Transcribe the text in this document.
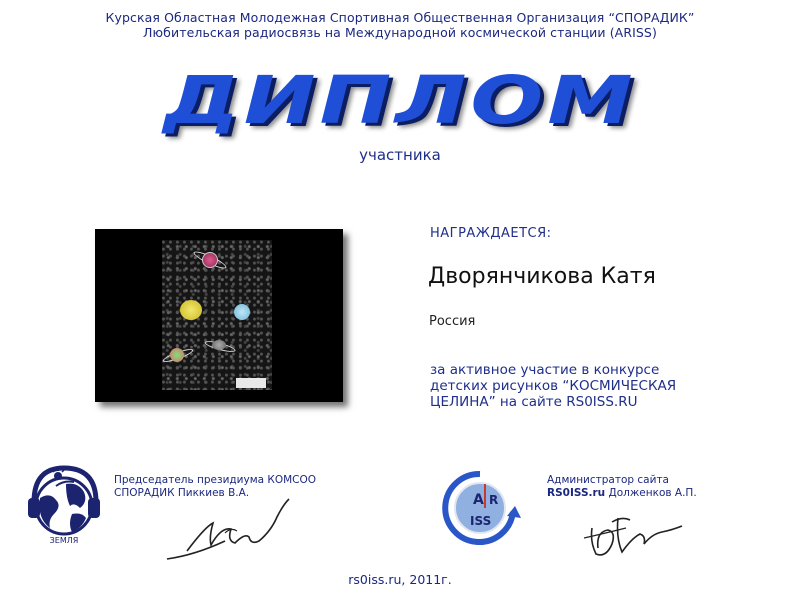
Курская Областная Молодежная Спортивная Общественная Организация “СПОРАДИК”
Любительская радиосвязь на Международной космической станции (ARISS)
ДИПЛОМ
участника
НАГРАЖДАЕТСЯ:
Дворянчикова Катя
Россия
за активное участие в конкурсе
детских рисунков “КОСМИЧЕСКАЯ
ЦЕЛИНА” на сайте RS0ISS.RU
ЗЕМЛЯ
Председатель президиума КОМСОО
СПОРАДИК Пиккиев В.А.	A R
ISS
Администратор сайта
RS0ISS.ru Долженков А.П.
rs0iss.ru, 2011г.
